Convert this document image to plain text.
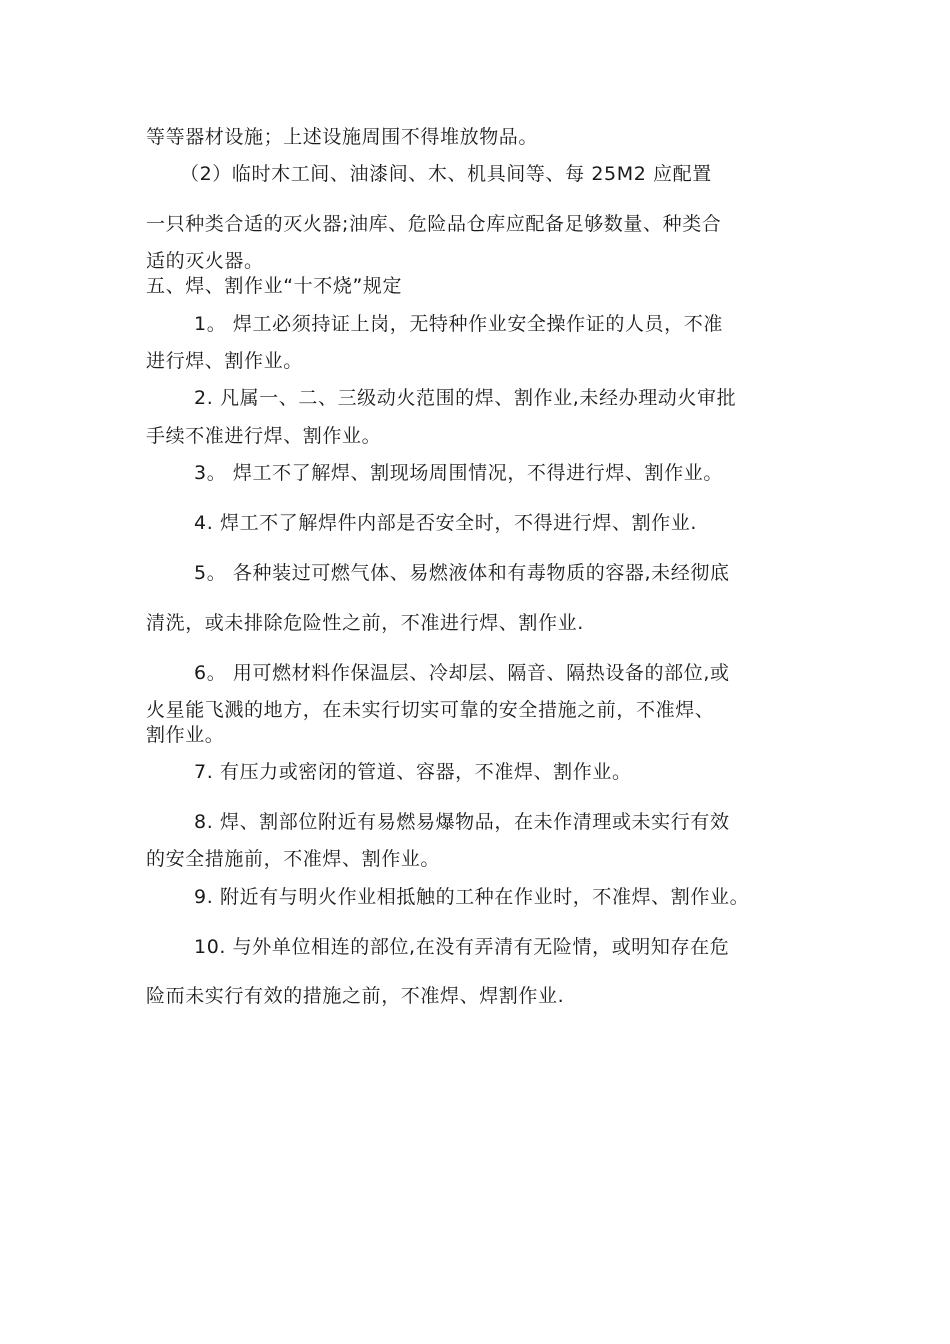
等等器材设施；上述设施周围不得堆放物品。
（2）临时木工间、油漆间、木、机具间等、每 25M2 应配置
一只种类合适的灭火器;油库、危险品仓库应配备足够数量、种类合
适的灭火器。
五、焊、割作业“十不烧”规定
1。 焊工必须持证上岗，无特种作业安全操作证的人员，不准
进行焊、割作业。
2. 凡属一、二、三级动火范围的焊、割作业,未经办理动火审批
手续不准进行焊、割作业。
3。 焊工不了解焊、割现场周围情况，不得进行焊、割作业。
4. 焊工不了解焊件内部是否安全时，不得进行焊、割作业.
5。 各种装过可燃气体、易燃液体和有毒物质的容器,未经彻底
清洗，或未排除危险性之前，不准进行焊、割作业.
6。 用可燃材料作保温层、冷却层、隔音、隔热设备的部位,或
火星能飞溅的地方，在未实行切实可靠的安全措施之前，不准焊、
割作业。
7. 有压力或密闭的管道、容器，不准焊、割作业。
8. 焊、割部位附近有易燃易爆物品，在未作清理或未实行有效
的安全措施前，不准焊、割作业。
9. 附近有与明火作业相抵触的工种在作业时，不准焊、割作业。
10. 与外单位相连的部位,在没有弄清有无险情，或明知存在危
险而未实行有效的措施之前，不准焊、焊割作业.
